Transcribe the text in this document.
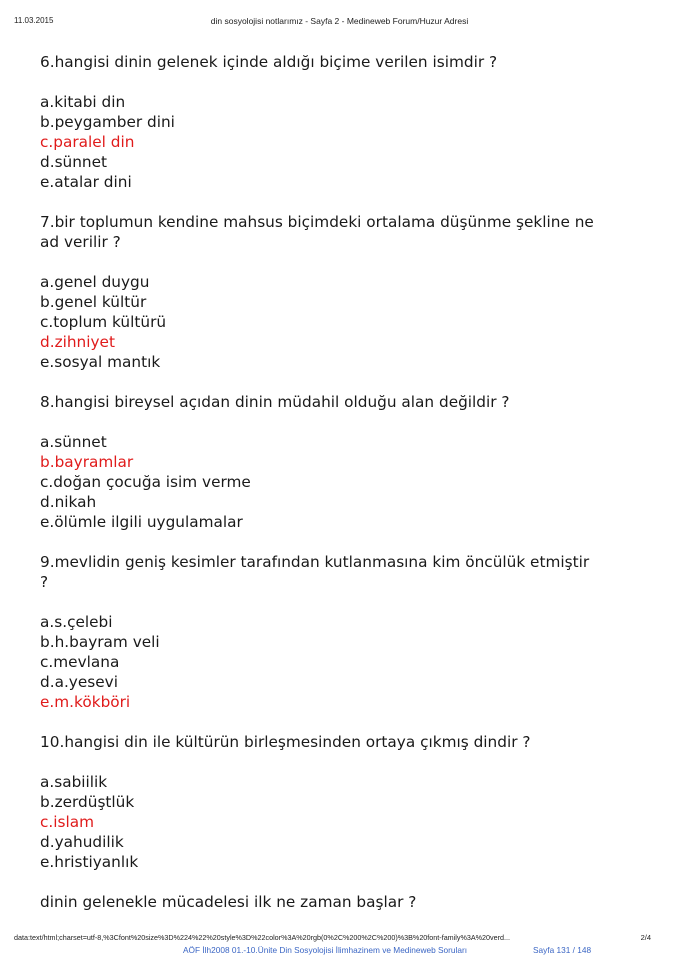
11.03.2015	din sosyolojisi notlarımız - Sayfa 2 - Medineweb Forum/Huzur Adresi

6.hangisi dinin gelenek içinde aldığı biçime verilen isimdir ?

a.kitabi din

b.peygamber dini

c.paralel din

d.sünnet

e.atalar dini

7.bir toplumun kendine mahsus biçimdeki ortalama düşünme şekline ne

ad verilir ?

a.genel duygu

b.genel kültür

c.toplum kültürü

d.zihniyet

e.sosyal mantık

8.hangisi bireysel açıdan dinin müdahil olduğu alan değildir ?

a.sünnet

b.bayramlar

c.doğan çocuğa isim verme

d.nikah

e.ölümle ilgili uygulamalar

9.mevlidin geniş kesimler tarafından kutlanmasına kim öncülük etmiştir

?

a.s.çelebi

b.h.bayram veli

c.mevlana

d.a.yesevi

e.m.kökböri

10.hangisi din ile kültürün birleşmesinden ortaya çıkmış dindir ?

a.sabiilik

b.zerdüştlük

c.islam

d.yahudilik

e.hristiyanlık

dinin gelenekle mücadelesi ilk ne zaman başlar ?

data:text/html;charset=utf-8,%3Cfont%20size%3D%224%22%20style%3D%22color%3A%20rgb(0%2C%200%2C%200)%3B%20font-family%3A%20verd...	2/4
AÖF İlh2008 01.-10.Ünite Din Sosyolojisi İlimhazinem ve Medineweb Soruları	Sayfa 131 / 148
